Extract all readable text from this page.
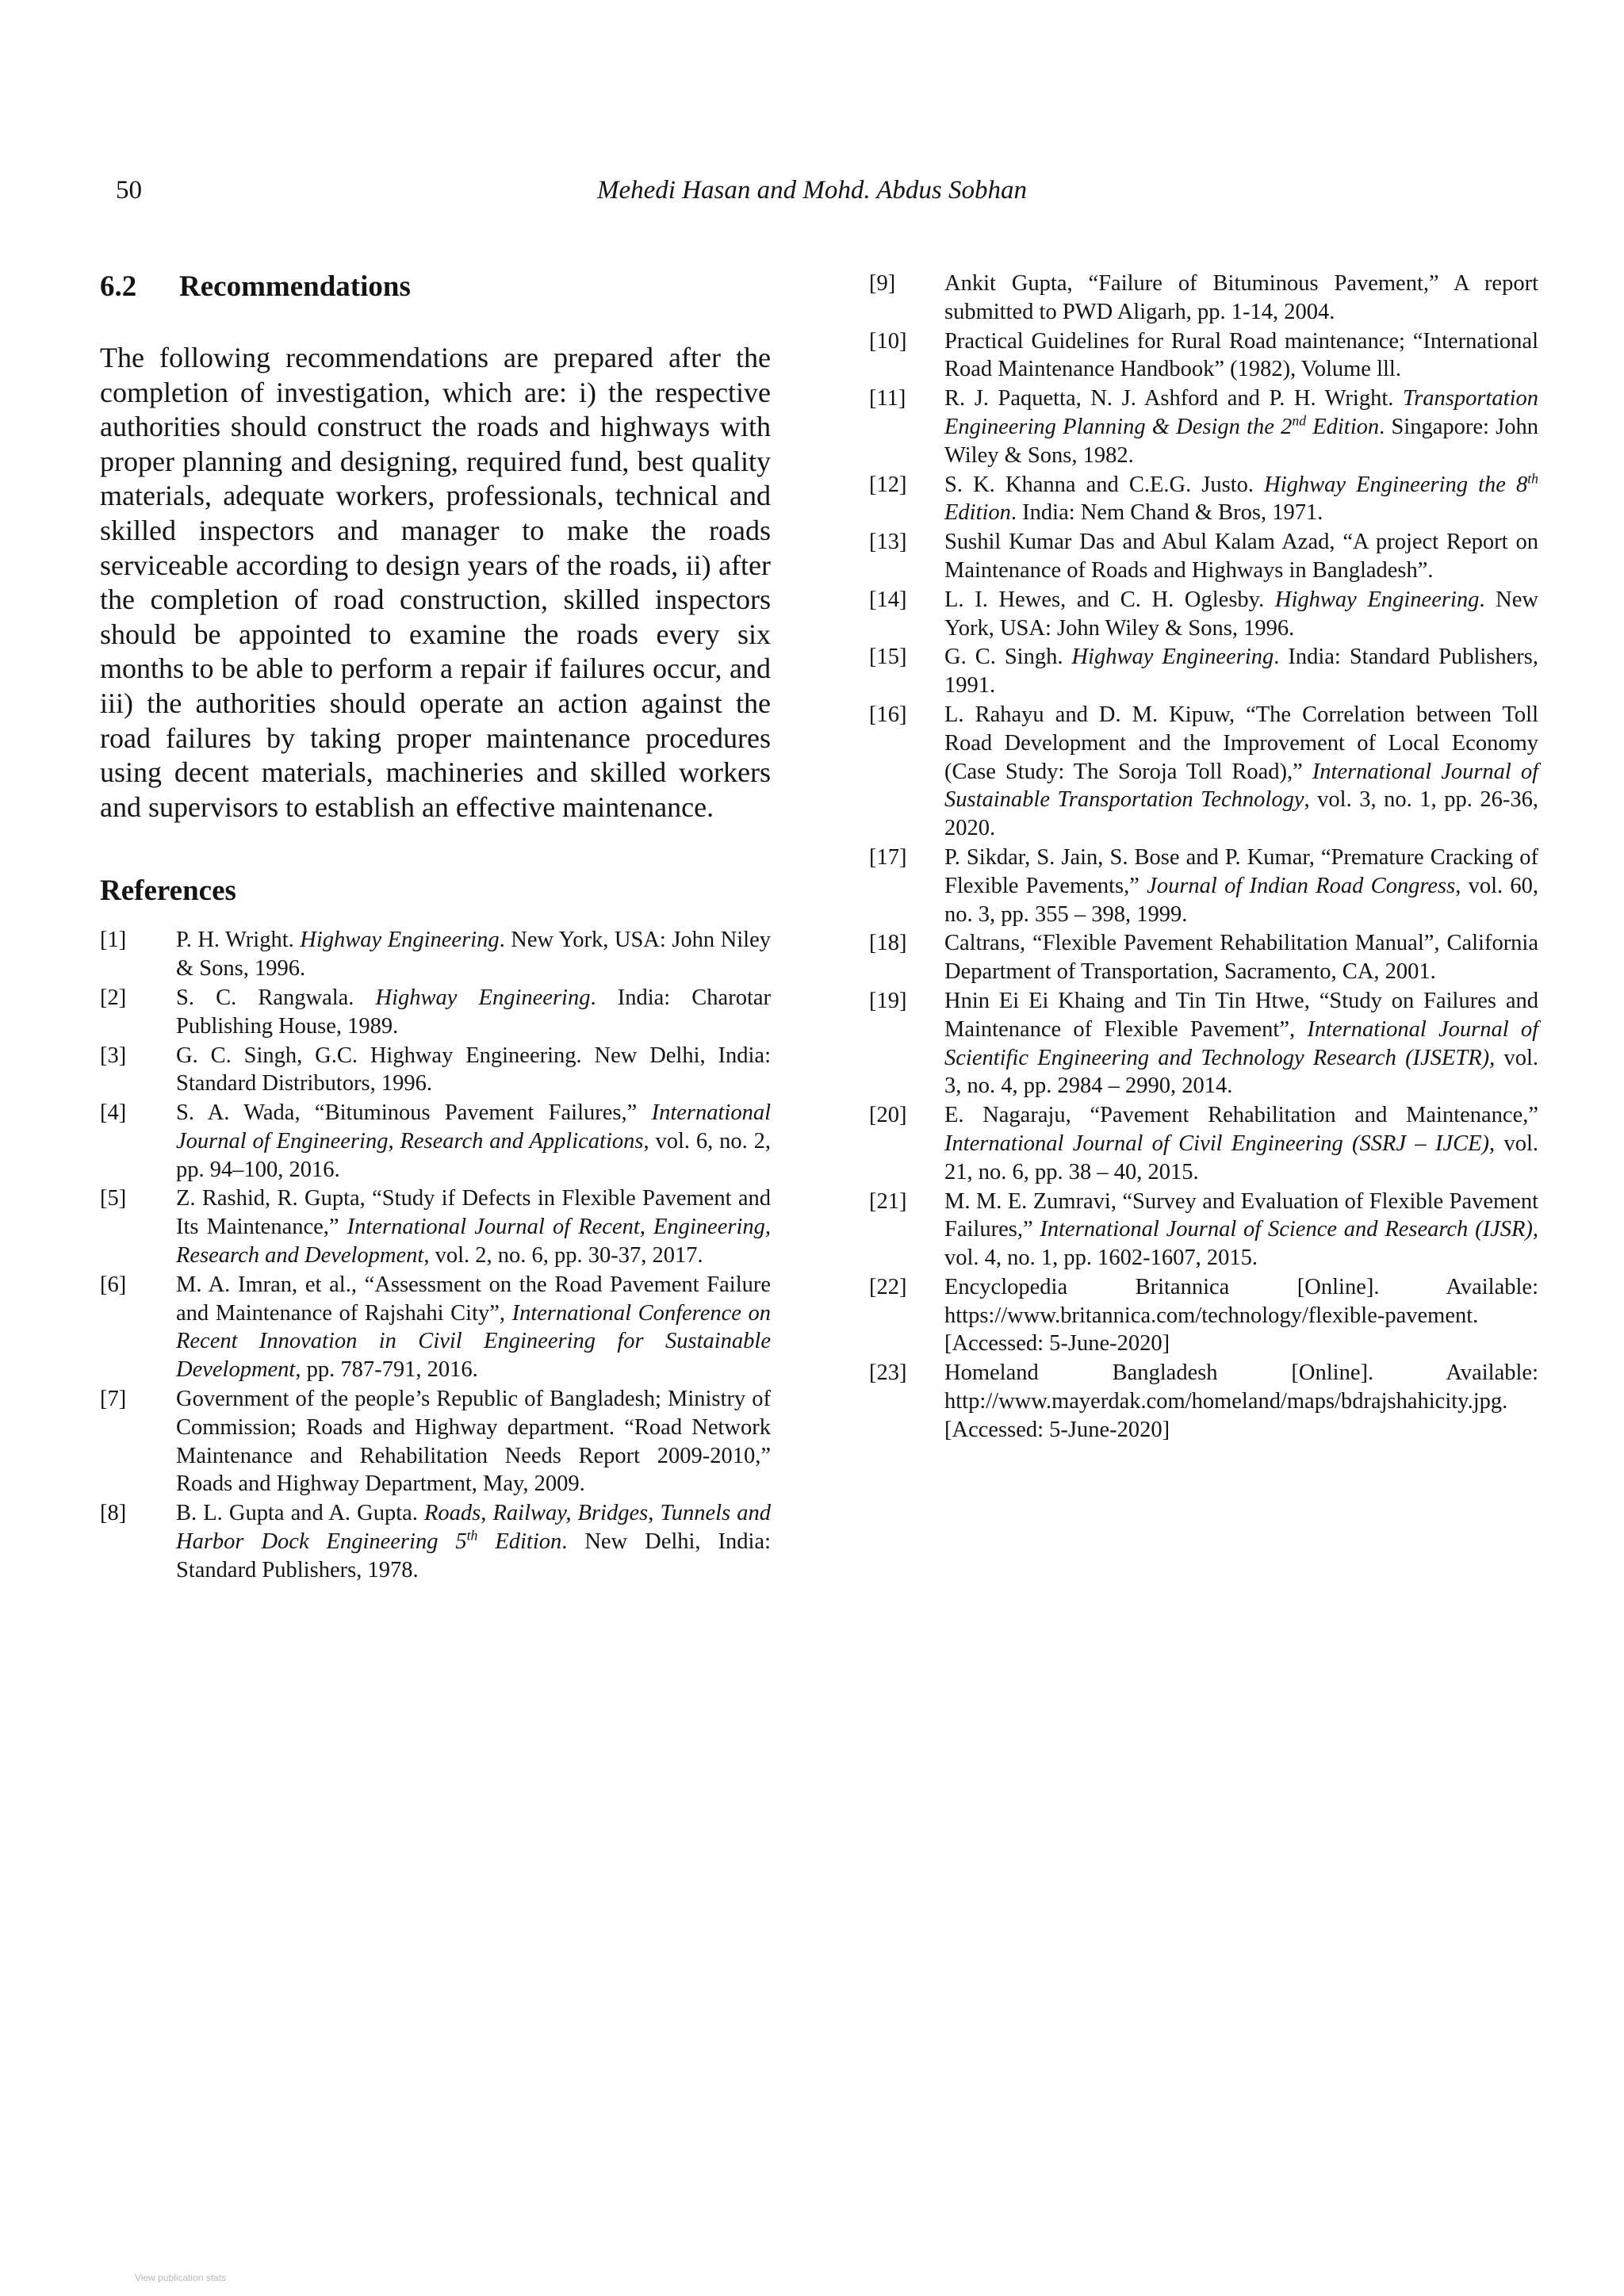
50	Mehedi Hasan and Mohd. Abdus Sobhan
6.2 Recommendations

The following recommendations are prepared after the completion of investigation, which are: i) the respective authorities should construct the roads and highways with proper planning and designing, required fund, best quality materials, adequate workers, professionals, technical and skilled inspectors and manager to make the roads serviceable according to design years of the roads, ii) after the completion of road construction, skilled inspectors should be appointed to examine the roads every six months to be able to perform a repair if failures occur, and iii) the authorities should operate an action against the road failures by taking proper maintenance procedures using decent materials, machineries and skilled workers and supervisors to establish an effective maintenance.

References
[1]	P. H. Wright. Highway Engineering. New York, USA: John Niley & Sons, 1996.
[2]	S. C. Rangwala. Highway Engineering. India: Charotar Publishing House, 1989.
[3]	G. C. Singh, G.C. Highway Engineering. New Delhi, India: Standard Distributors, 1996.
[4]	S. A. Wada, “Bituminous Pavement Failures,” International Journal of Engineering, Research and Applications, vol. 6, no. 2, pp. 94–100, 2016.
[5]	Z. Rashid, R. Gupta, “Study if Defects in Flexible Pavement and Its Maintenance,” International Journal of Recent, Engineering, Research and Development, vol. 2, no. 6, pp. 30-37, 2017.
[6]	M. A. Imran, et al., “Assessment on the Road Pavement Failure and Maintenance of Rajshahi City”, International Conference on Recent Innovation in Civil Engineering for Sustainable Development, pp. 787-791, 2016.
[7]	Government of the people’s Republic of Bangladesh; Ministry of Commission; Roads and Highway department. “Road Network Maintenance and Rehabilitation Needs Report 2009-2010,” Roads and Highway Department, May, 2009.
[8]	B. L. Gupta and A. Gupta. Roads, Railway, Bridges, Tunnels and Harbor Dock Engineering 5th Edition. New Delhi, India: Standard Publishers, 1978.
[9]	Ankit Gupta, “Failure of Bituminous Pavement,” A report submitted to PWD Aligarh, pp. 1-14, 2004.
[10]	Practical Guidelines for Rural Road maintenance; “International Road Maintenance Handbook” (1982), Volume lll.
[11]	R. J. Paquetta, N. J. Ashford and P. H. Wright. Transportation Engineering Planning & Design the 2nd Edition. Singapore: John Wiley & Sons, 1982.
[12]	S. K. Khanna and C.E.G. Justo. Highway Engineering the 8th Edition. India: Nem Chand & Bros, 1971.
[13]	Sushil Kumar Das and Abul Kalam Azad, “A project Report on Maintenance of Roads and Highways in Bangladesh”.
[14]	L. I. Hewes, and C. H. Oglesby. Highway Engineering. New York, USA: John Wiley & Sons, 1996.
[15]	G. C. Singh. Highway Engineering. India: Standard Publishers, 1991.
[16]	L. Rahayu and D. M. Kipuw, “The Correlation between Toll Road Development and the Improvement of Local Economy (Case Study: The Soroja Toll Road),” International Journal of Sustainable Transportation Technology, vol. 3, no. 1, pp. 26-36, 2020.
[17]	P. Sikdar, S. Jain, S. Bose and P. Kumar, “Premature Cracking of Flexible Pavements,” Journal of Indian Road Congress, vol. 60, no. 3, pp. 355 – 398, 1999.
[18]	Caltrans, “Flexible Pavement Rehabilitation Manual”, California Department of Transportation, Sacramento, CA, 2001.
[19]	Hnin Ei Ei Khaing and Tin Tin Htwe, “Study on Failures and Maintenance of Flexible Pavement”, International Journal of Scientific Engineering and Technology Research (IJSETR), vol. 3, no. 4, pp. 2984 – 2990, 2014.
[20]	E. Nagaraju, “Pavement Rehabilitation and Maintenance,” International Journal of Civil Engineering (SSRJ – IJCE), vol. 21, no. 6, pp. 38 – 40, 2015.
[21]	M. M. E. Zumravi, “Survey and Evaluation of Flexible Pavement Failures,” International Journal of Science and Research (IJSR), vol. 4, no. 1, pp. 1602-1607, 2015.
[22]	Encyclopedia Britannica [Online]. Available: https://www.britannica.com/technology/flexible-pavement. [Accessed: 5-June-2020]
[23]	Homeland Bangladesh [Online]. Available: http://www.mayerdak.com/homeland/maps/bdrajshahicity.jpg. [Accessed: 5-June-2020]
View publication stats
